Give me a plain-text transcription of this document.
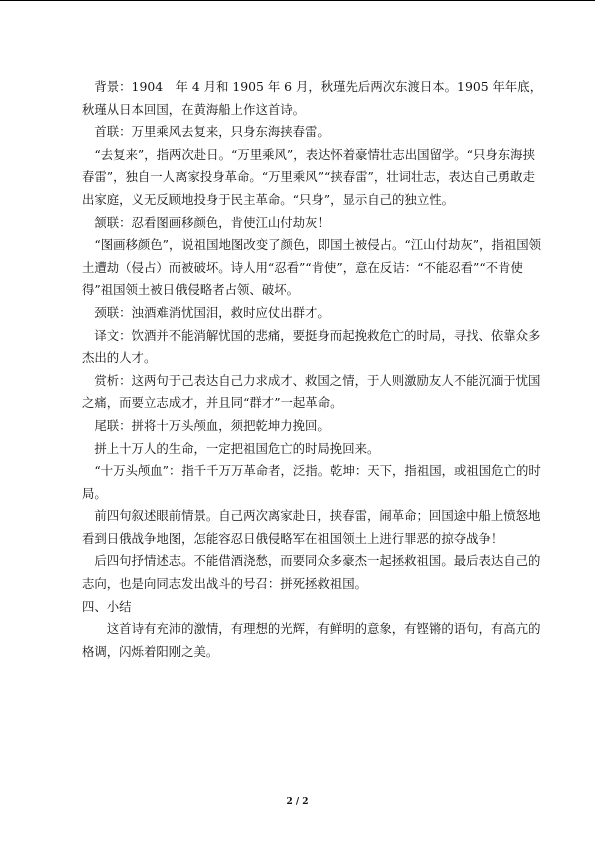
背景：1904　年 4 月和 1905 年 6 月，秋瑾先后两次东渡日本。1905 年年底，秋瑾从日本回国，在黄海船上作这首诗。

首联：万里乘风去复来，只身东海挟春雷。

“去复来”，指两次赴日。“万里乘风”，表达怀着豪情壮志出国留学。“只身东海挟春雷”，独自一人离家投身革命。“万里乘风”“挟春雷”，壮词壮志，表达自己勇敢走出家庭，义无反顾地投身于民主革命。“只身”，显示自己的独立性。

颔联：忍看图画移颜色，肯使江山付劫灰！

“图画移颜色”，说祖国地图改变了颜色，即国土被侵占。“江山付劫灰”，指祖国领土遭劫（侵占）而被破坏。诗人用“忍看”“肯使”，意在反诘：“不能忍看”“不肯使得”祖国领土被日俄侵略者占领、破坏。

颈联：浊酒难消忧国泪，救时应仗出群才。

译文：饮酒并不能消解忧国的悲痛，要挺身而起挽救危亡的时局，寻找、依靠众多杰出的人才。

赏析：这两句于己表达自己力求成才、救国之情，于人则激励友人不能沉湎于忧国之痛，而要立志成才，并且同“群才”一起革命。

尾联：拼将十万头颅血，须把乾坤力挽回。

拼上十万人的生命，一定把祖国危亡的时局挽回来。

“十万头颅血”：指千千万万革命者，泛指。乾坤：天下，指祖国，或祖国危亡的时局。

前四句叙述眼前情景。自己两次离家赴日，挟春雷，闹革命；回国途中船上愤怒地看到日俄战争地图，怎能容忍日俄侵略军在祖国领土上进行罪恶的掠夺战争！

后四句抒情述志。不能借酒浇愁，而要同众多豪杰一起拯救祖国。最后表达自己的志向，也是向同志发出战斗的号召：拼死拯救祖国。

四、小结

这首诗有充沛的激情，有理想的光辉，有鲜明的意象，有铿锵的语句，有高亢的格调，闪烁着阳刚之美。

2 / 2
